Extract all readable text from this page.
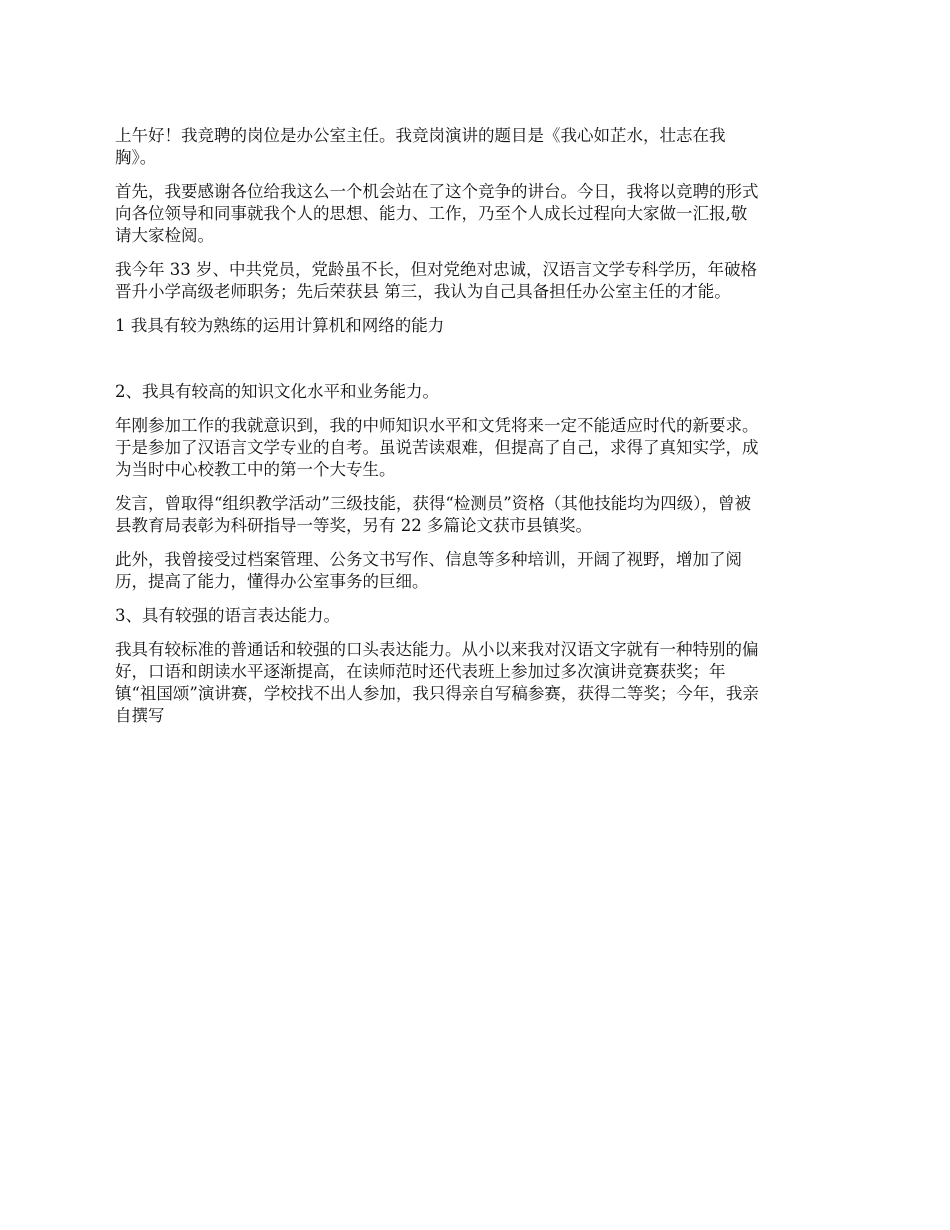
上午好！我竞聘的岗位是办公室主任。我竞岗演讲的题目是《我心如芷水，壮志在我
胸》。

首先，我要感谢各位给我这么一个机会站在了这个竞争的讲台。今日，我将以竞聘的形式
向各位领导和同事就我个人的思想、能力、工作，乃至个人成长过程向大家做一汇报,敬
请大家检阅。

我今年 33 岁、中共党员，党龄虽不长，但对党绝对忠诚，汉语言文学专科学历，年破格
晋升小学高级老师职务；先后荣获县 第三，我认为自己具备担任办公室主任的才能。

1 我具有较为熟练的运用计算机和网络的能力

2、我具有较高的知识文化水平和业务能力。

年刚参加工作的我就意识到，我的中师知识水平和文凭将来一定不能适应时代的新要求。
于是参加了汉语言文学专业的自考。虽说苦读艰难，但提高了自己，求得了真知实学，成
为当时中心校教工中的第一个大专生。

发言，曾取得“组织教学活动”三级技能，获得“检测员”资格（其他技能均为四级），曾被
县教育局表彰为科研指导一等奖，另有 22 多篇论文获市县镇奖。

此外，我曾接受过档案管理、公务文书写作、信息等多种培训，开阔了视野，增加了阅
历，提高了能力，懂得办公室事务的巨细。

3、具有较强的语言表达能力。

我具有较标准的普通话和较强的口头表达能力。从小以来我对汉语文字就有一种特别的偏
好，口语和朗读水平逐渐提高，在读师范时还代表班上参加过多次演讲竞赛获奖；年
镇“祖国颂”演讲赛，学校找不出人参加，我只得亲自写稿参赛，获得二等奖；今年，我亲
自撰写
